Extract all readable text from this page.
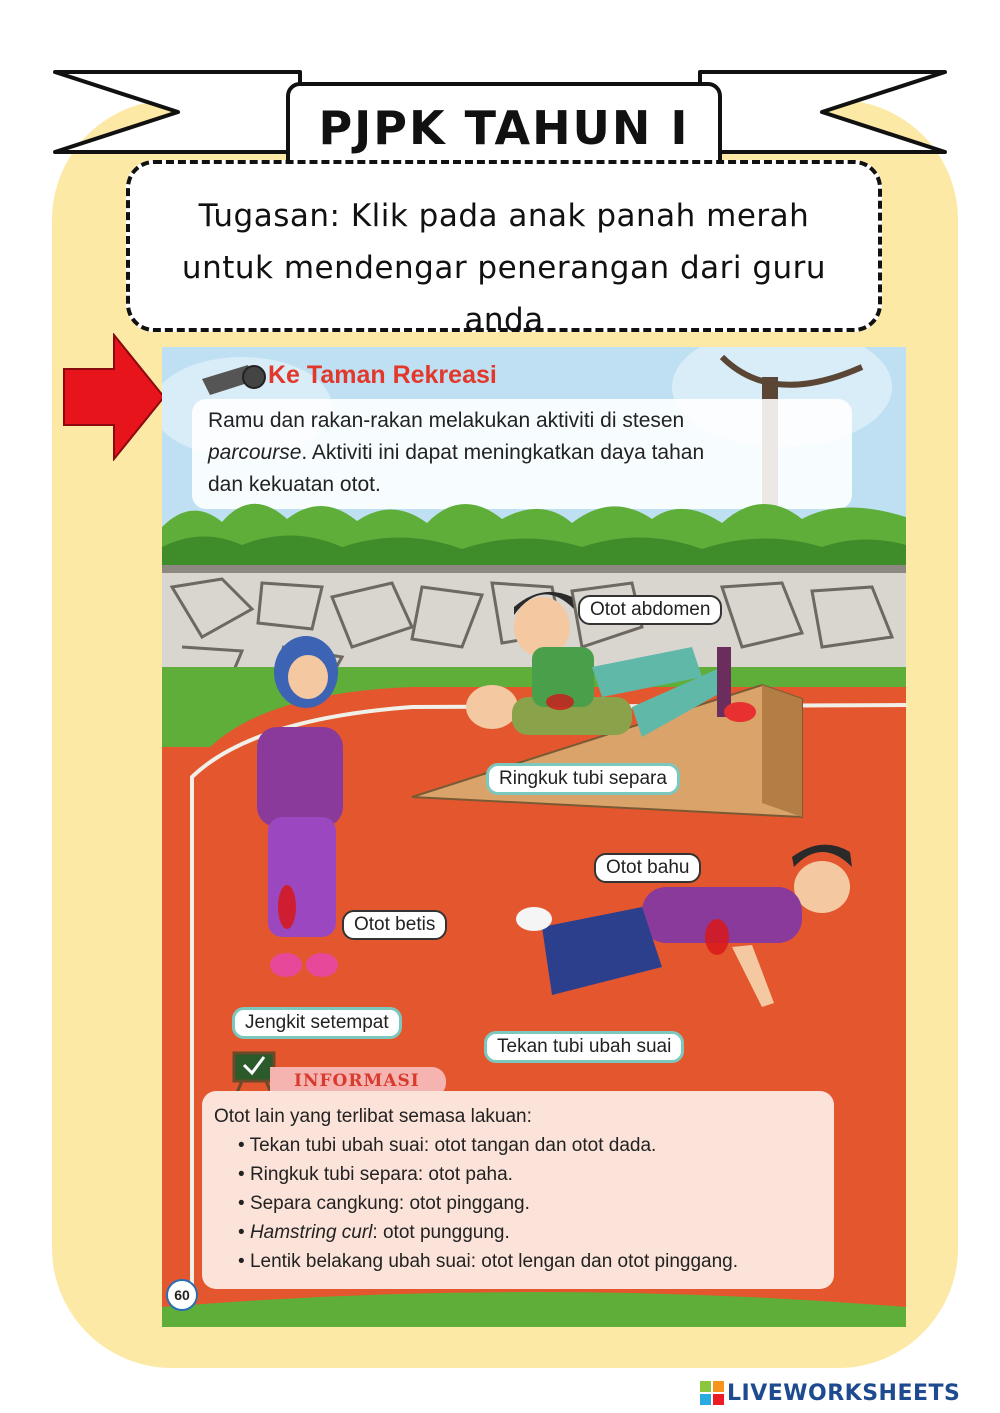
PJPK TAHUN I
Tugasan: Klik pada anak panah merah
untuk mendengar penerangan dari guru
anda
Ke Taman Rekreasi
Ramu dan rakan-rakan melakukan aktiviti di stesen
parcourse. Aktiviti ini dapat meningkatkan daya tahan
dan kekuatan otot.
Otot abdomen
Ringkuk tubi separa
Otot bahu
Otot betis
Jengkit setempat
Tekan tubi ubah suai
INFORMASI
Otot lain yang terlibat semasa lakuan:
• Tekan tubi ubah suai: otot tangan dan otot dada.
• Ringkuk tubi separa: otot paha.
• Separa cangkung: otot pinggang.
• Hamstring curl: otot punggung.
• Lentik belakang ubah suai: otot lengan dan otot pinggang.
60
LIVEWORKSHEETS
